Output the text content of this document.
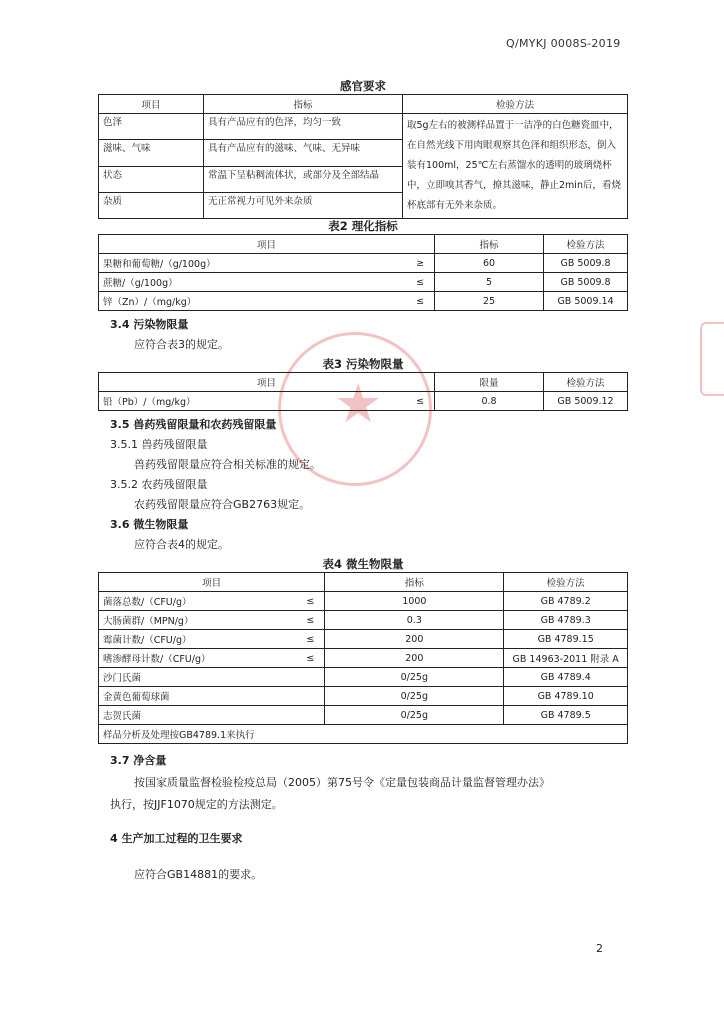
Q/MYKJ 0008S-2019
感官要求
项目	指标	检验方法
色泽	具有产品应有的色泽，均匀一致	取5g左右的被测样品置于一洁净的白色糖瓷皿中，在自然光线下用肉眼观察其色泽和组织形态，倒入装有100ml，25℃左右蒸馏水的透明的玻璃烧杯中，立即嗅其香气，撩其滋味，静止2min后，看烧杯底部有无外来杂质。
滋味、气味	具有产品应有的滋味、气味、无异味	
状态	常温下呈粘稠流体状，或部分及全部结晶	
杂质	无正常视力可见外来杂质	
表2 理化指标
项目		指标	检验方法
果糖和葡萄糖/（g/100g）	≥	60	GB 5009.8
蔗糖/（g/100g）	≤	5	GB 5009.8
锌（Zn）/（mg/kg）	≤	25	GB 5009.14
3.4 污染物限量
应符合表3的规定。
★
表3 污染物限量
项目		限量	检验方法
铅（Pb）/（mg/kg）	≤	0.8	GB 5009.12
3.5 兽药残留限量和农药残留限量
3.5.1 兽药残留限量
兽药残留限量应符合相关标准的规定。
3.5.2 农药残留限量
农药残留限量应符合GB2763规定。
3.6 微生物限量
应符合表4的规定。
表4 微生物限量
项目		指标	检验方法
菌落总数/（CFU/g）	≤	1000	GB 4789.2
大肠菌群/（MPN/g）	≤	0.3	GB 4789.3
霉菌计数/（CFU/g）	≤	200	GB 4789.15
嗜渗酵母计数/（CFU/g）	≤	200	GB 14963-2011 附录 A
沙门氏菌		0/25g	GB 4789.4
金黄色葡萄球菌		0/25g	GB 4789.10
志贺氏菌		0/25g	GB 4789.5
样品分析及处理按GB4789.1来执行			
3.7 净含量
按国家质量监督检验检疫总局（2005）第75号令《定量包装商品计量监督管理办法》
执行，按JJF1070规定的方法测定。
4 生产加工过程的卫生要求
应符合GB14881的要求。
2
